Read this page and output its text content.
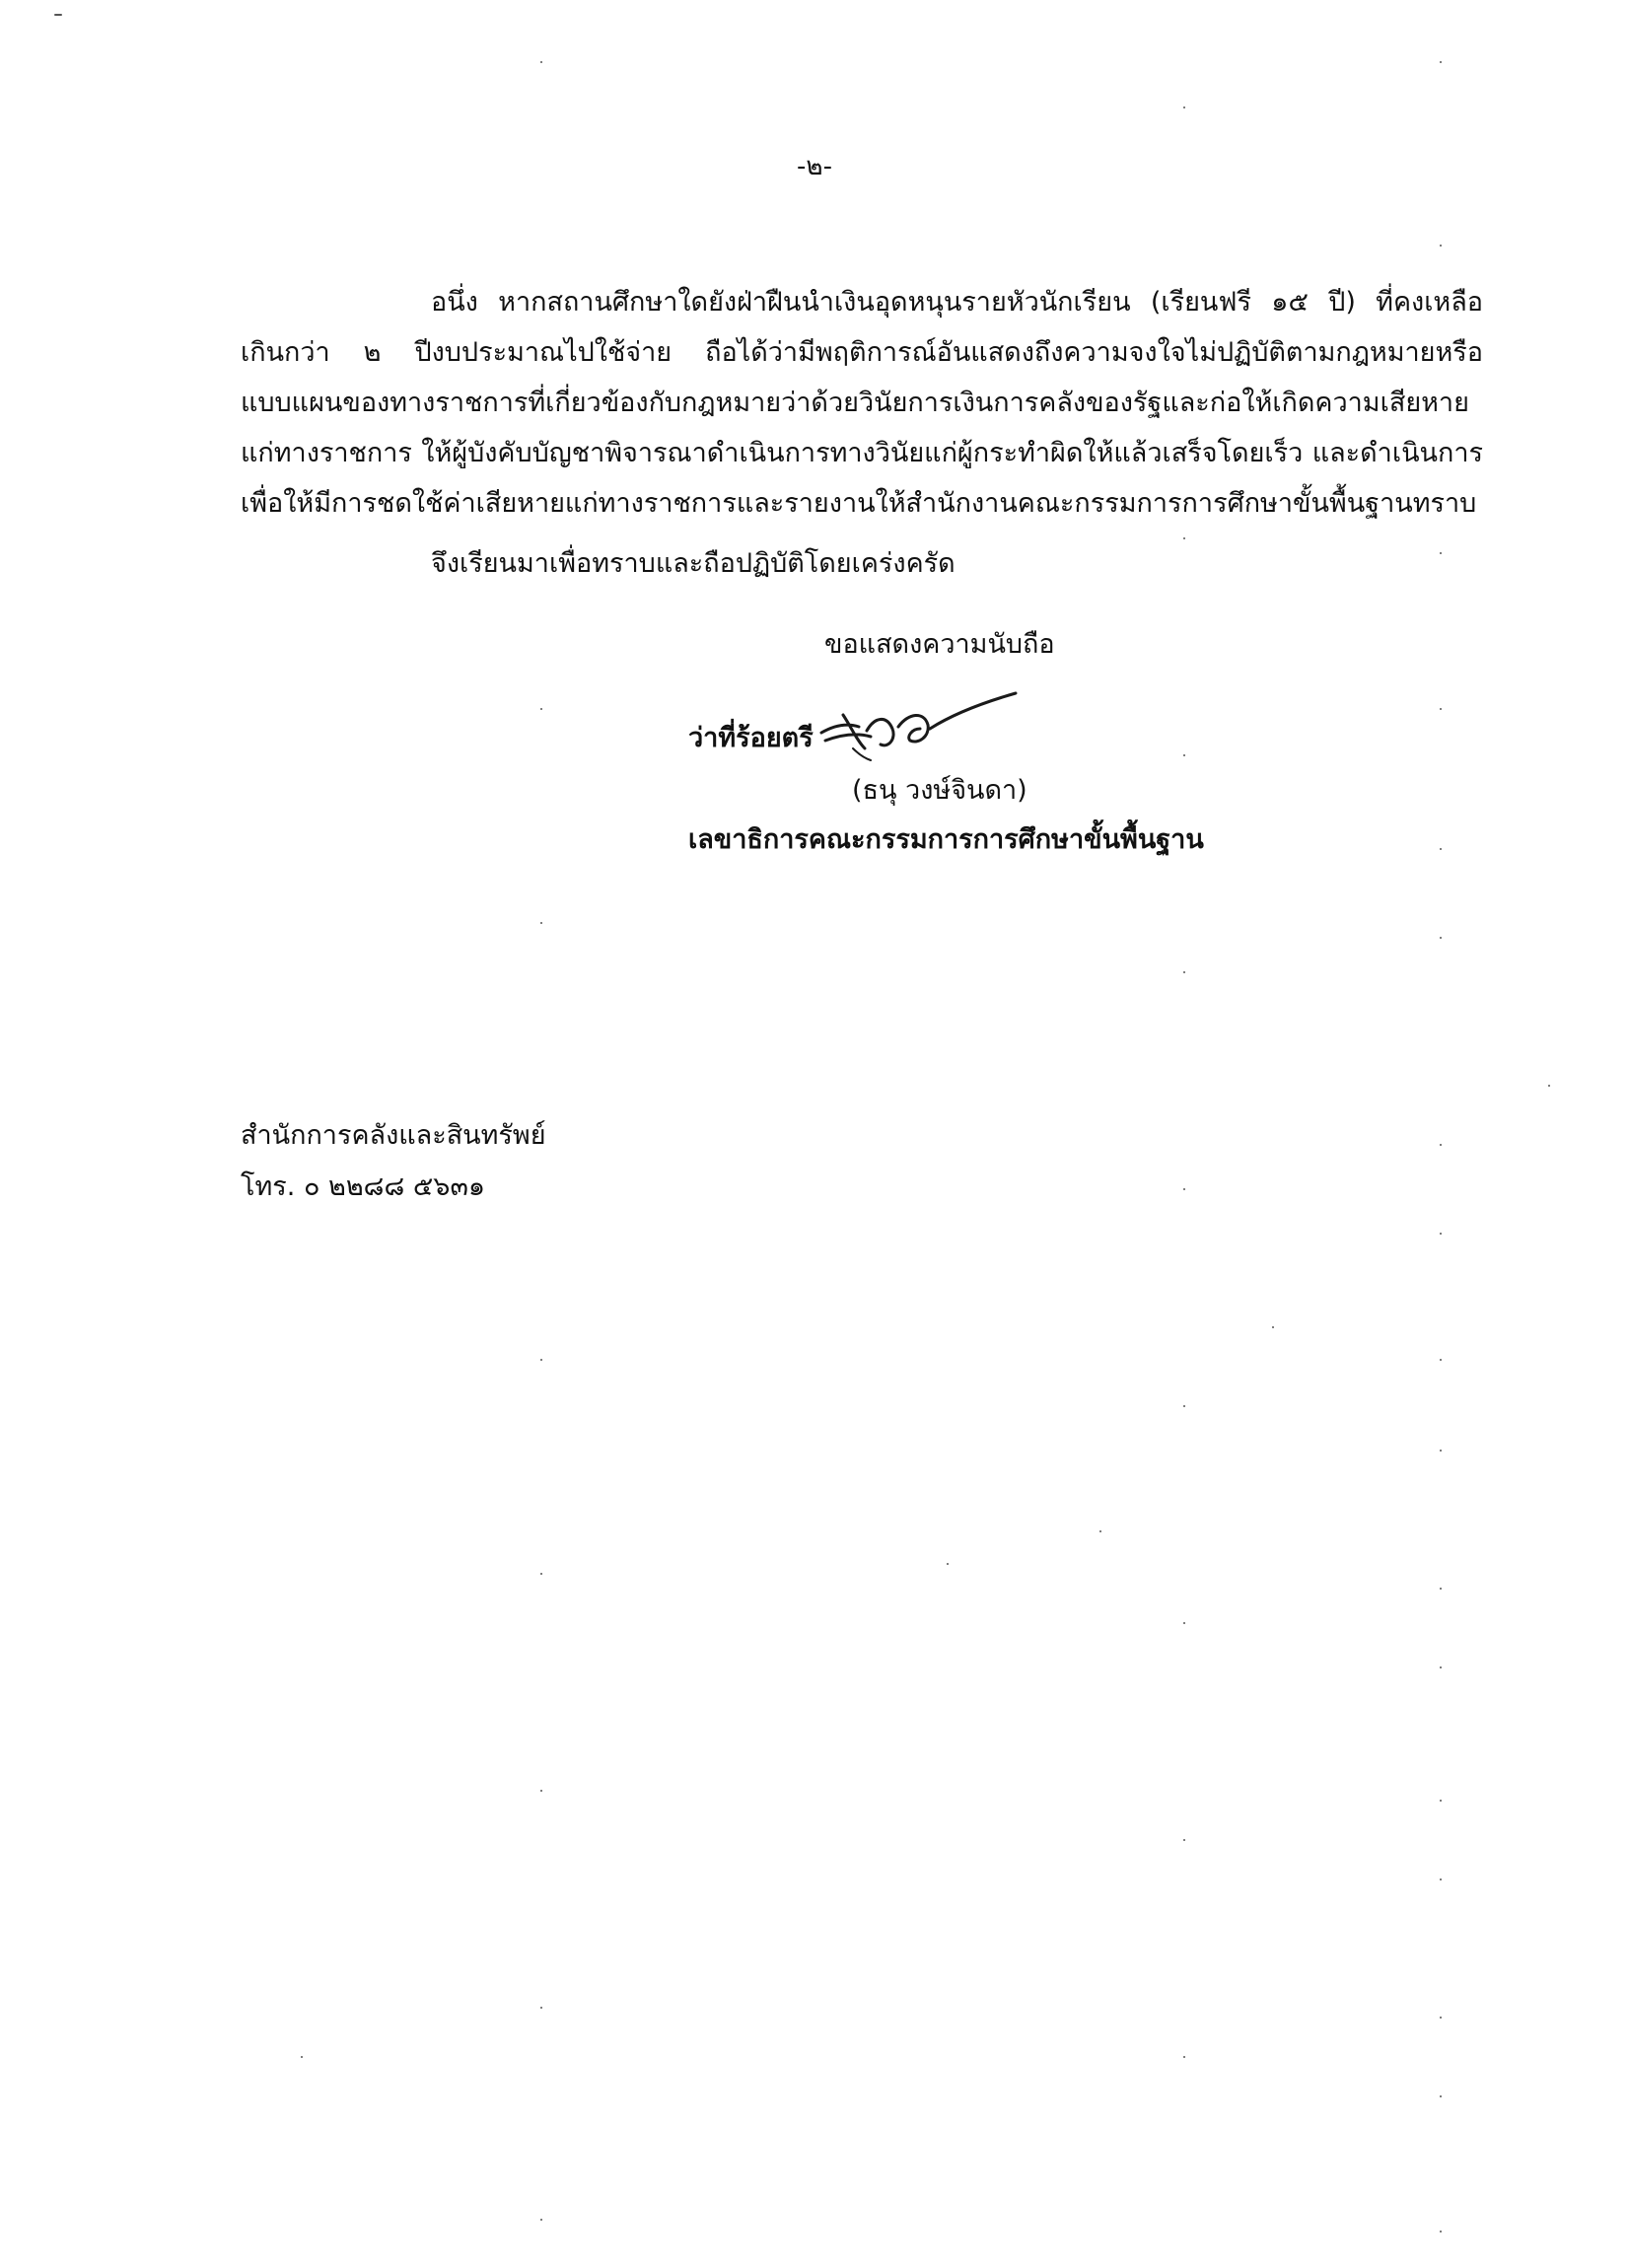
-๒-
อนึ่ง หากสถานศึกษาใดยังฝ่าฝืนนำเงินอุดหนุนรายหัวนักเรียน (เรียนฟรี ๑๕ ปี) ที่คงเหลือ
เกินกว่า ๒ ปีงบประมาณไปใช้จ่าย ถือได้ว่ามีพฤติการณ์อันแสดงถึงความจงใจไม่ปฏิบัติตามกฎหมายหรือ
แบบแผนของทางราชการที่เกี่ยวข้องกับกฎหมายว่าด้วยวินัยการเงินการคลังของรัฐและก่อให้เกิดความเสียหาย
แก่ทางราชการ ให้ผู้บังคับบัญชาพิจารณาดำเนินการทางวินัยแก่ผู้กระทำผิดให้แล้วเสร็จโดยเร็ว และดำเนินการ
เพื่อให้มีการชดใช้ค่าเสียหายแก่ทางราชการและรายงานให้สำนักงานคณะกรรมการการศึกษาขั้นพื้นฐานทราบ
จึงเรียนมาเพื่อทราบและถือปฏิบัติโดยเคร่งครัด
ขอแสดงความนับถือ
ว่าที่ร้อยตรี
(ธนุ วงษ์จินดา)
เลขาธิการคณะกรรมการการศึกษาขั้นพื้นฐาน
สำนักการคลังและสินทรัพย์
โทร. ๐ ๒๒๘๘ ๕๖๓๑
